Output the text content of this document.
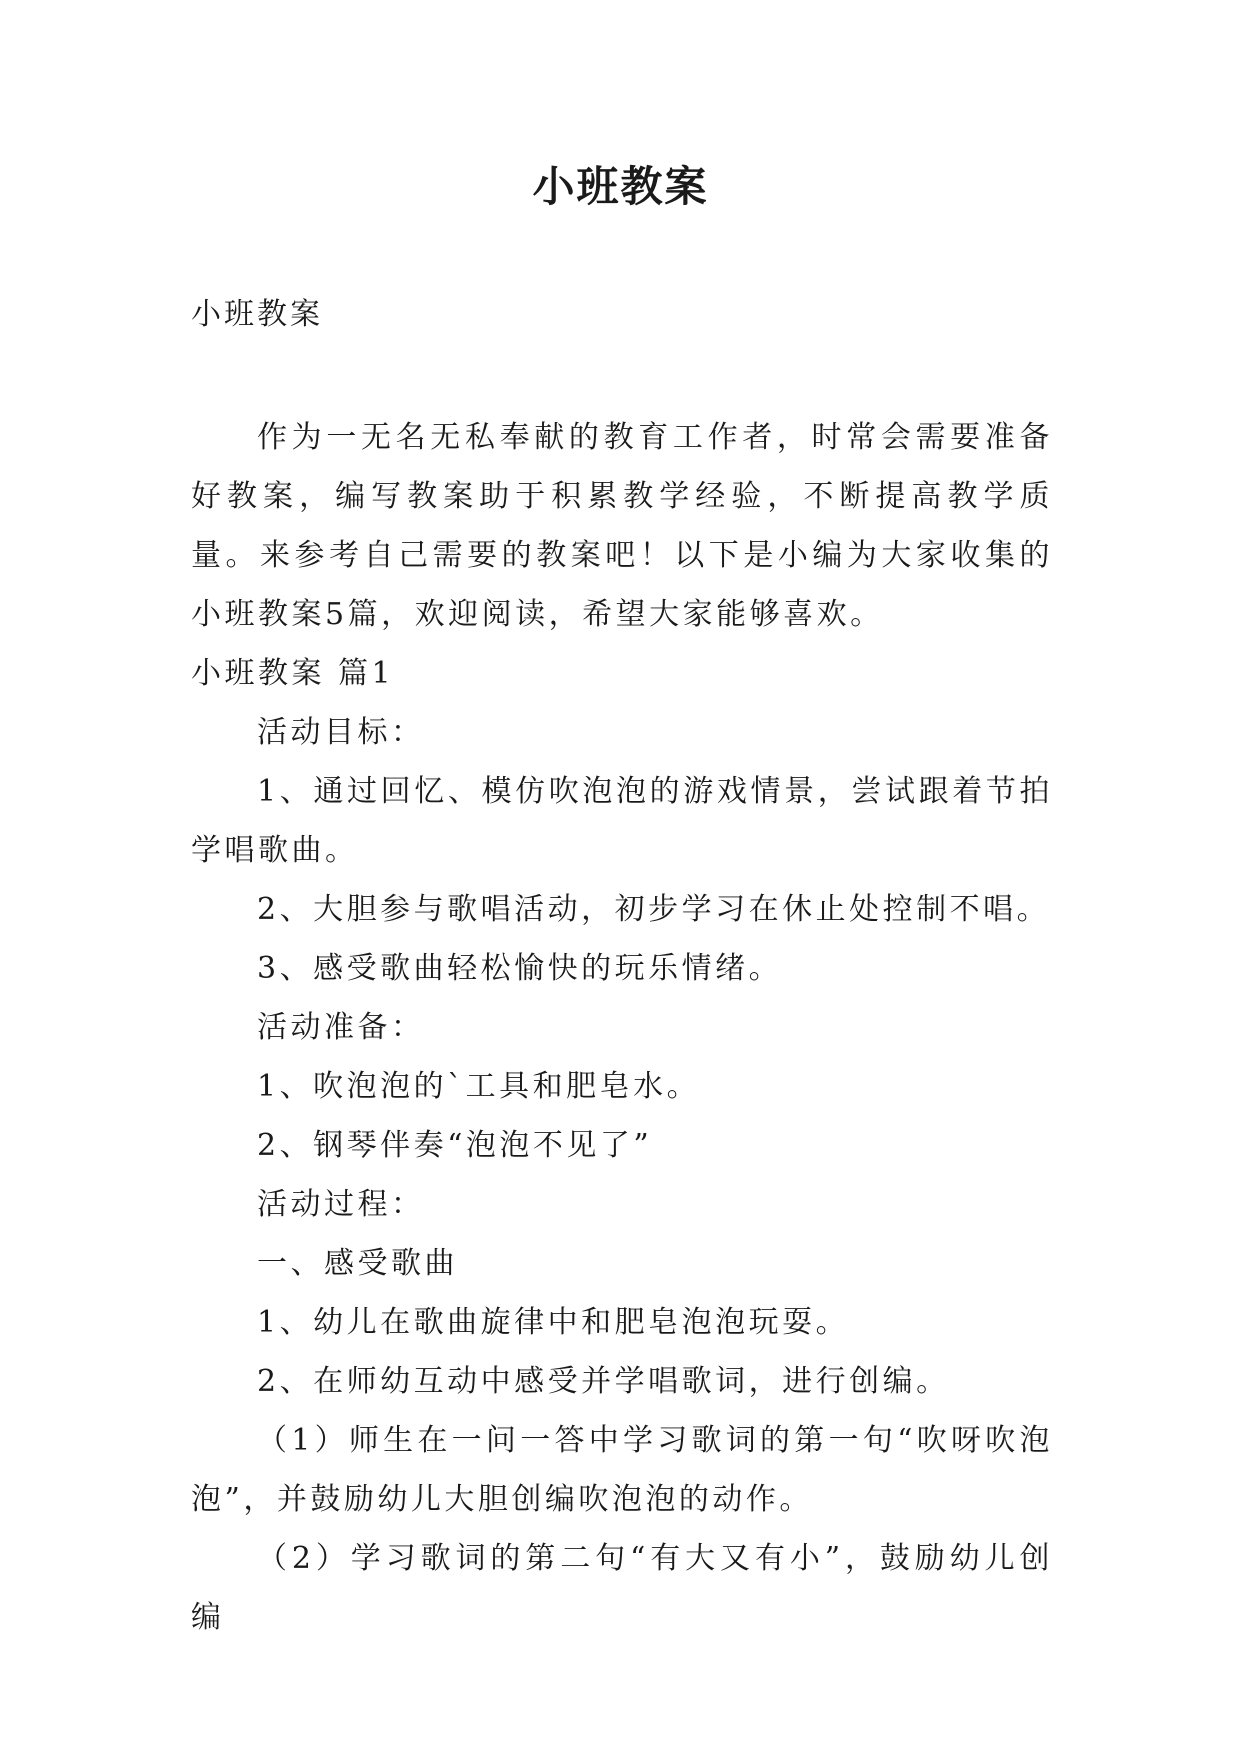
小班教案
小班教案

作为一无名无私奉献的教育工作者，时常会需要准备好教案，编写教案助于积累教学经验，不断提高教学质量。来参考自己需要的教案吧！以下是小编为大家收集的小班教案5篇，欢迎阅读，希望大家能够喜欢。

小班教案 篇1

活动目标：

1、通过回忆、模仿吹泡泡的游戏情景，尝试跟着节拍学唱歌曲。

2、大胆参与歌唱活动，初步学习在休止处控制不唱。

3、感受歌曲轻松愉快的玩乐情绪。

活动准备：

1、吹泡泡的`工具和肥皂水。

2、钢琴伴奏“泡泡不见了”

活动过程：

一、感受歌曲

1、幼儿在歌曲旋律中和肥皂泡泡玩耍。

2、在师幼互动中感受并学唱歌词，进行创编。

（1）师生在一问一答中学习歌词的第一句“吹呀吹泡泡”，并鼓励幼儿大胆创编吹泡泡的动作。

（2）学习歌词的第二句“有大又有小”，鼓励幼儿创编
